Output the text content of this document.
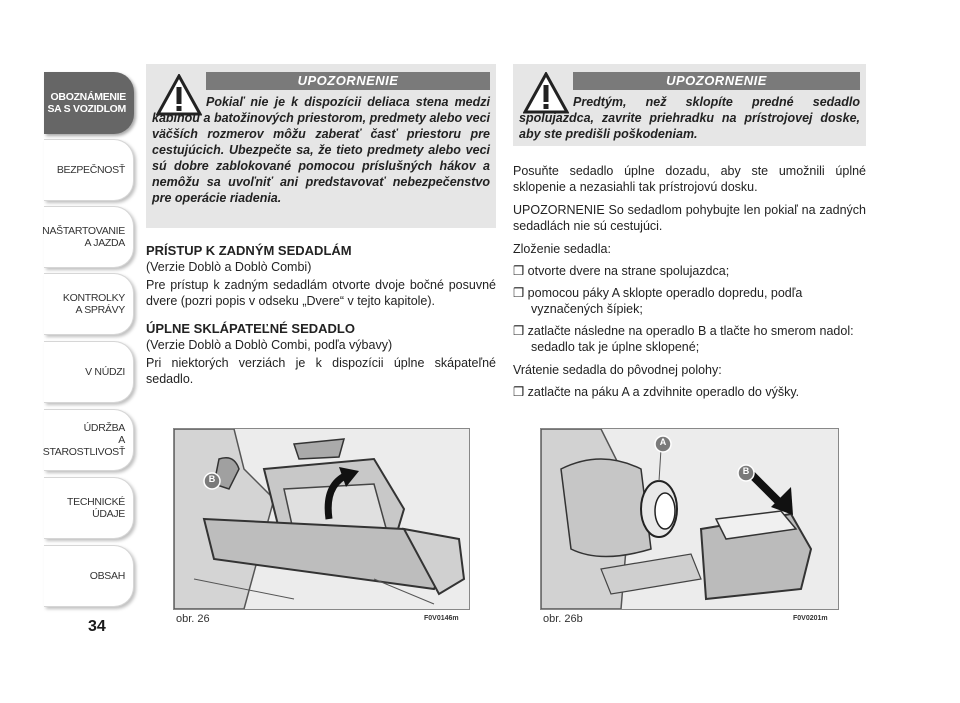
OBOZNÁMENIE
SA S VOZIDLOM
BEZPEČNOSŤ
NAŠTARTOVANIE
A JAZDA
KONTROLKY
A SPRÁVY
V NÚDZI
ÚDRŽBA
A STAROSTLIVOSŤ
TECHNICKÉ
ÚDAJE
OBSAH
34
UPOZORNENIE
Pokiaľ nie je k dispozícii deliaca stena medzi kabínou a batožinových priestorom, predmety alebo veci väčších rozmerov môžu zaberať časť priestoru pre cestujúcich. Ubezpečte sa, že tieto predmety alebo veci sú dobre zablokované pomocou príslušných hákov a nemôžu sa uvoľniť ani predstavovať nebezpečenstvo pre operácie riadenia.

PRÍSTUP K ZADNÝM SEDADLÁM

(Verzie Doblò a Doblò Combi)

Pre prístup k zadným sedadlám otvorte dvoje bočné posuvné dvere (pozri popis v odseku „Dvere“ v tejto kapitole).

ÚPLNE SKLÁPATEĽNÉ SEDADLO

(Verzie Doblò a Doblò Combi, podľa výbavy)

Pri niektorých verziách je k dispozícii úplne skápateľné sedadlo.

B
obr. 26	F0V0146m
UPOZORNENIE
Predtým, než sklopíte predné sedadlo spolujazdca, zavrite priehradku na prístrojovej doske, aby ste predišli poškodeniam.

Posuňte sedadlo úplne dozadu, aby ste umožnili úplné sklopenie a nezasiahli tak prístrojovú dosku.

UPOZORNENIE So sedadlom pohybujte len pokiaľ na zadných sedadlách nie sú cestujúci.

Zloženie sedadla:

❒ otvorte dvere na strane spolujazdca;

❒ pomocou páky A sklopte operadlo dopredu, podľa vyznačených šípiek;

❒ zatlačte následne na operadlo B a tlačte ho smerom nadol: sedadlo tak je úplne sklopené;

Vrátenie sedadla do pôvodnej polohy:

❒ zatlačte na páku A a zdvihnite operadlo do výšky.

A
B
obr. 26b	F0V0201m
